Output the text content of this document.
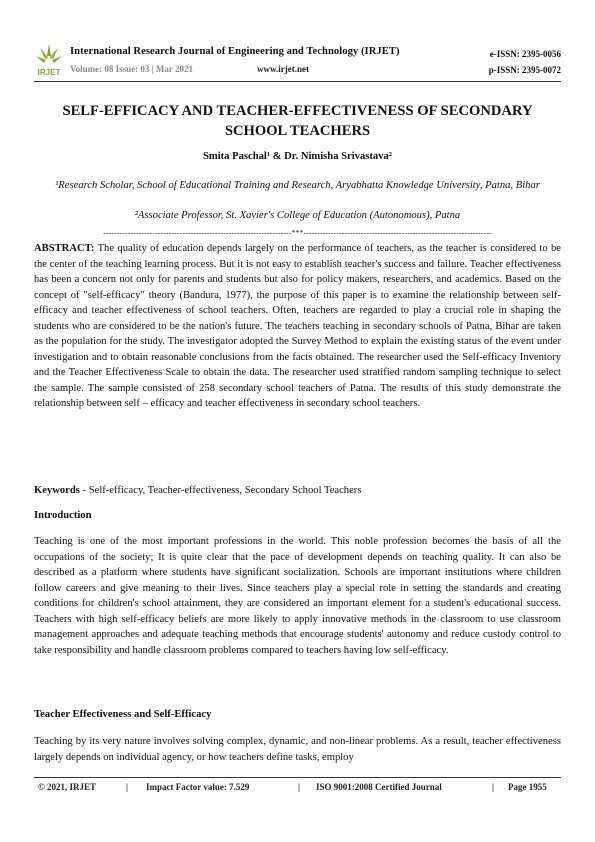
IRJET
International Research Journal of Engineering and Technology (IRJET)
Volume: 08 Issue: 03 | Mar 2021	www.irjet.net
e-ISSN: 2395-0056
p-ISSN: 2395-0072
SELF-EFFICACY AND TEACHER-EFFECTIVENESS OF SECONDARY SCHOOL TEACHERS
Smita Paschal¹ & Dr. Nimisha Srivastava²
¹Research Scholar, School of Educational Training and Research, Aryabhatta Knowledge University, Patna, Bihar
²Associate Professor, St. Xavier's College of Education (Autonomous), Patna
---------------------------------------------------------------------***---------------------------------------------------------------------
ABSTRACT: The quality of education depends largely on the performance of teachers, as the teacher is considered to be the center of the teaching learning process. But it is not easy to establish teacher's success and failure. Teacher effectiveness has been a concern not only for parents and students but also for policy makers, researchers, and academics. Based on the concept of "self-efficacy" theory (Bandura, 1977), the purpose of this paper is to examine the relationship between self-efficacy and teacher effectiveness of school teachers. Often, teachers are regarded to play a crucial role in shaping the students who are considered to be the nation's future. The teachers teaching in secondary schools of Patna, Bihar are taken as the population for the study. The investigator adopted the Survey Method to explain the existing status of the event under investigation and to obtain reasonable conclusions from the facts obtained. The researcher used the Self-efficacy Inventory and the Teacher Effectiveness Scale to obtain the data. The researcher used stratified random sampling technique to select the sample. The sample consisted of 258 secondary school teachers of Patna. The results of this study demonstrate the relationship between self – efficacy and teacher effectiveness in secondary school teachers.
Keywords - Self-efficacy, Teacher-effectiveness, Secondary School Teachers
Introduction
Teaching is one of the most important professions in the world. This noble profession becomes the basis of all the occupations of the society; It is quite clear that the pace of development depends on teaching quality. It can also be described as a platform where students have significant socialization. Schools are important institutions where children follow careers and give meaning to their lives. Since teachers play a special role in setting the standards and creating conditions for children's school attainment, they are considered an important element for a student's educational success. Teachers with high self-efficacy beliefs are more likely to apply innovative methods in the classroom to use classroom management approaches and adequate teaching methods that encourage students' autonomy and reduce custody control to take responsibility and handle classroom problems compared to teachers having low self-efficacy.
Teacher Effectiveness and Self-Efficacy
Teaching by its very nature involves solving complex, dynamic, and non-linear problems. As a result, teacher effectiveness largely depends on individual agency, or how teachers define tasks, employ
© 2021, IRJET	| Impact Factor value: 7.529	| ISO 9001:2008 Certified Journal	| Page 1955
